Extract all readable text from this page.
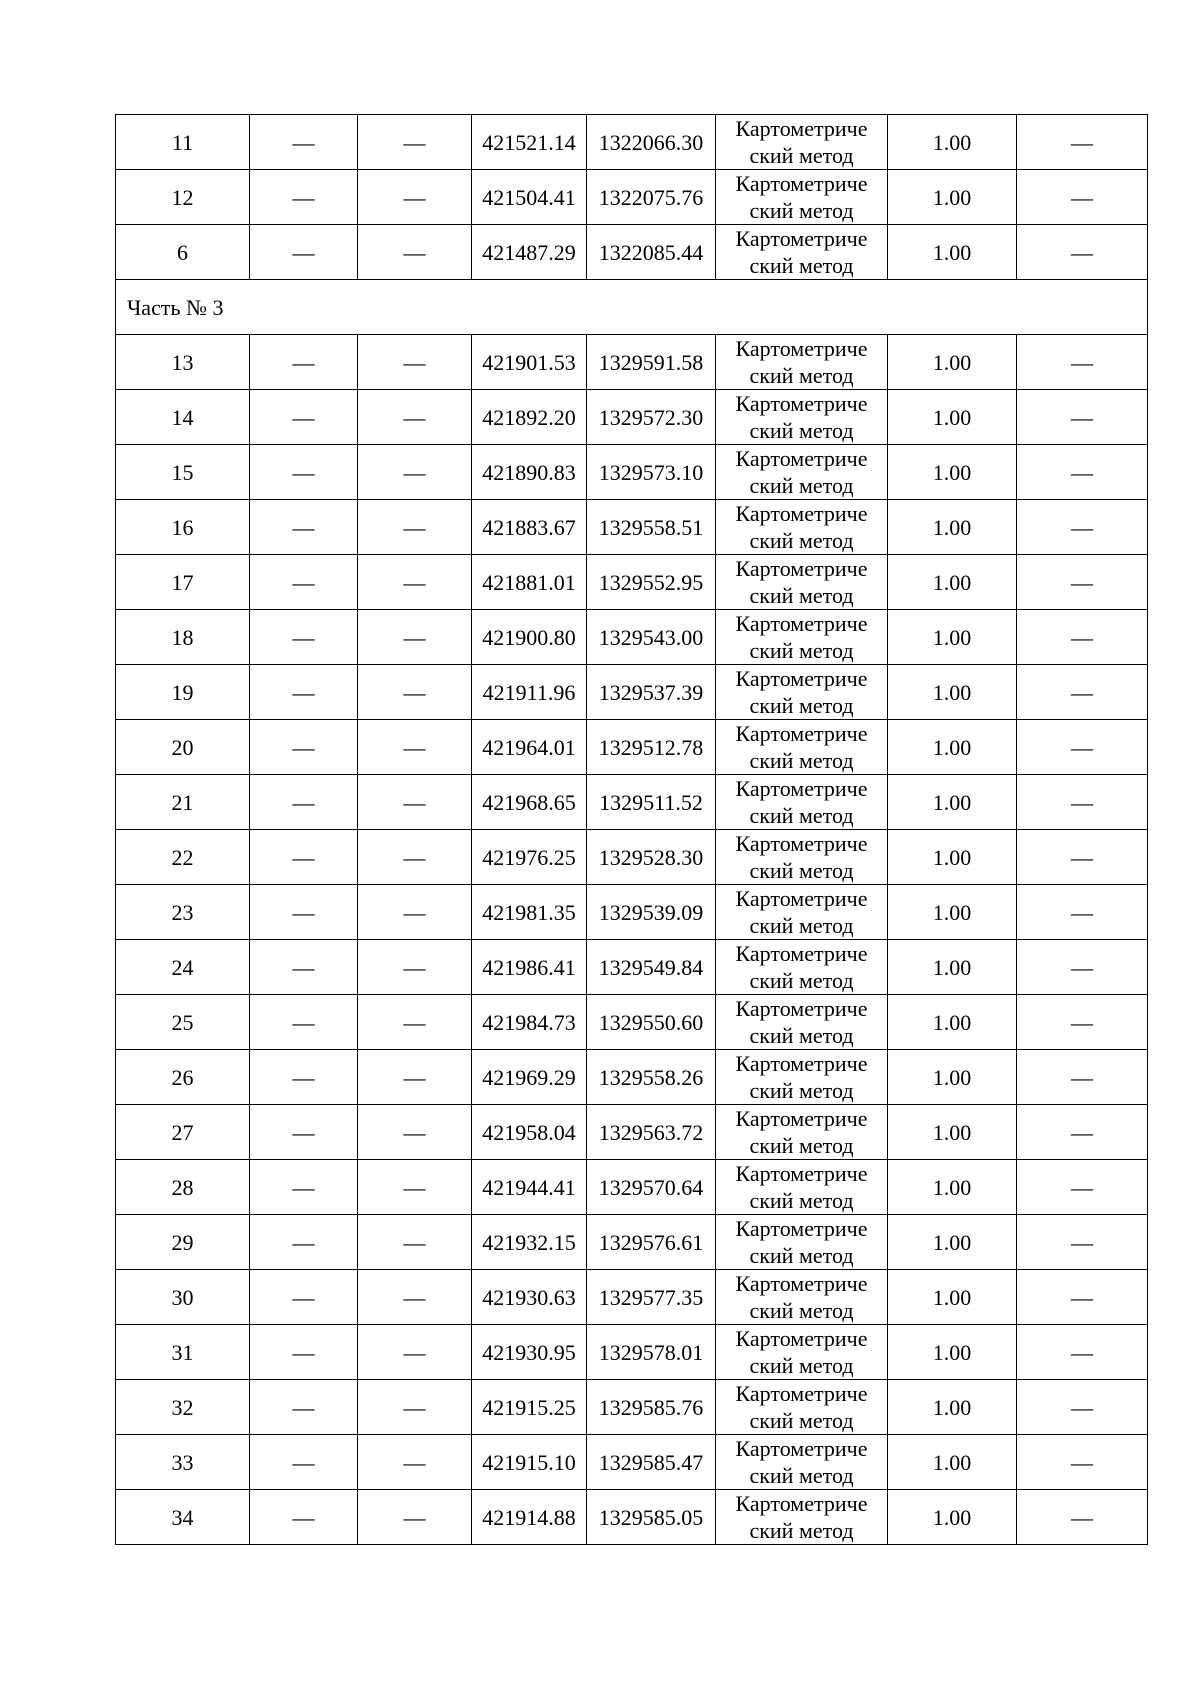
11	—	—	421521.14	1322066.30	Картометриче ский метод	1.00	—
12	—	—	421504.41	1322075.76	Картометриче ский метод	1.00	—
6	—	—	421487.29	1322085.44	Картометриче ский метод	1.00	—
Часть № 3							
13	—	—	421901.53	1329591.58	Картометриче ский метод	1.00	—
14	—	—	421892.20	1329572.30	Картометриче ский метод	1.00	—
15	—	—	421890.83	1329573.10	Картометриче ский метод	1.00	—
16	—	—	421883.67	1329558.51	Картометриче ский метод	1.00	—
17	—	—	421881.01	1329552.95	Картометриче ский метод	1.00	—
18	—	—	421900.80	1329543.00	Картометриче ский метод	1.00	—
19	—	—	421911.96	1329537.39	Картометриче ский метод	1.00	—
20	—	—	421964.01	1329512.78	Картометриче ский метод	1.00	—
21	—	—	421968.65	1329511.52	Картометриче ский метод	1.00	—
22	—	—	421976.25	1329528.30	Картометриче ский метод	1.00	—
23	—	—	421981.35	1329539.09	Картометриче ский метод	1.00	—
24	—	—	421986.41	1329549.84	Картометриче ский метод	1.00	—
25	—	—	421984.73	1329550.60	Картометриче ский метод	1.00	—
26	—	—	421969.29	1329558.26	Картометриче ский метод	1.00	—
27	—	—	421958.04	1329563.72	Картометриче ский метод	1.00	—
28	—	—	421944.41	1329570.64	Картометриче ский метод	1.00	—
29	—	—	421932.15	1329576.61	Картометриче ский метод	1.00	—
30	—	—	421930.63	1329577.35	Картометриче ский метод	1.00	—
31	—	—	421930.95	1329578.01	Картометриче ский метод	1.00	—
32	—	—	421915.25	1329585.76	Картометриче ский метод	1.00	—
33	—	—	421915.10	1329585.47	Картометриче ский метод	1.00	—
34	—	—	421914.88	1329585.05	Картометриче ский метод	1.00	—
